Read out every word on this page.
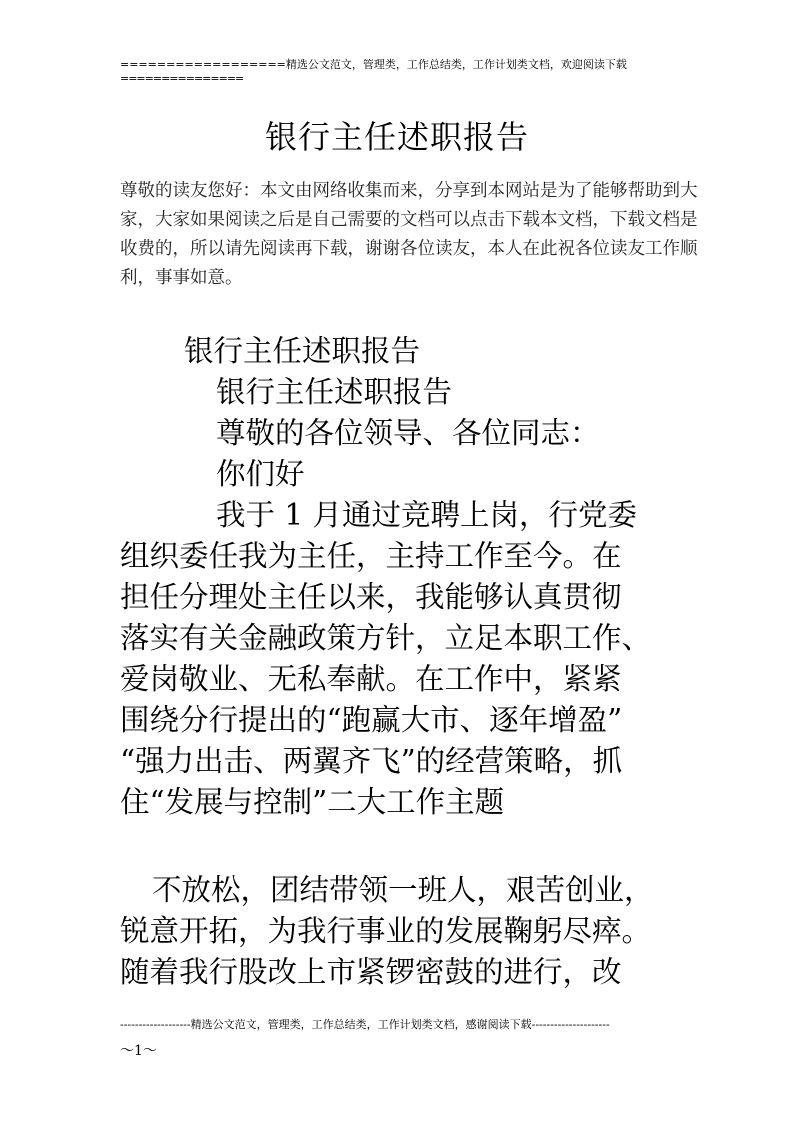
==================精选公文范文，管理类，工作总结类，工作计划类文档，欢迎阅读下载
===============
银行主任述职报告
尊敬的读友您好：本文由网络收集而来，分享到本网站是为了能够帮助到大
家，大家如果阅读之后是自己需要的文档可以点击下载本文档，下载文档是
收费的，所以请先阅读再下载，谢谢各位读友，本人在此祝各位读友工作顺
利，事事如意。
银行主任述职报告
银行主任述职报告
尊敬的各位领导、各位同志：
你们好
我于 1 月通过竞聘上岗，行党委
组织委任我为主任，主持工作至今。在
担任分理处主任以来，我能够认真贯彻
落实有关金融政策方针，立足本职工作、
爱岗敬业、无私奉献。在工作中，紧紧
围绕分行提出的“跑赢大市、逐年增盈”
“强力出击、两翼齐飞”的经营策略，抓
住“发展与控制”二大工作主题
不放松，团结带领一班人，艰苦创业，
锐意开拓，为我行事业的发展鞠躬尽瘁。
随着我行股改上市紧锣密鼓的进行，改
-------------------精选公文范文，管理类，工作总结类，工作计划类文档，感谢阅读下载---------------------
～1～
